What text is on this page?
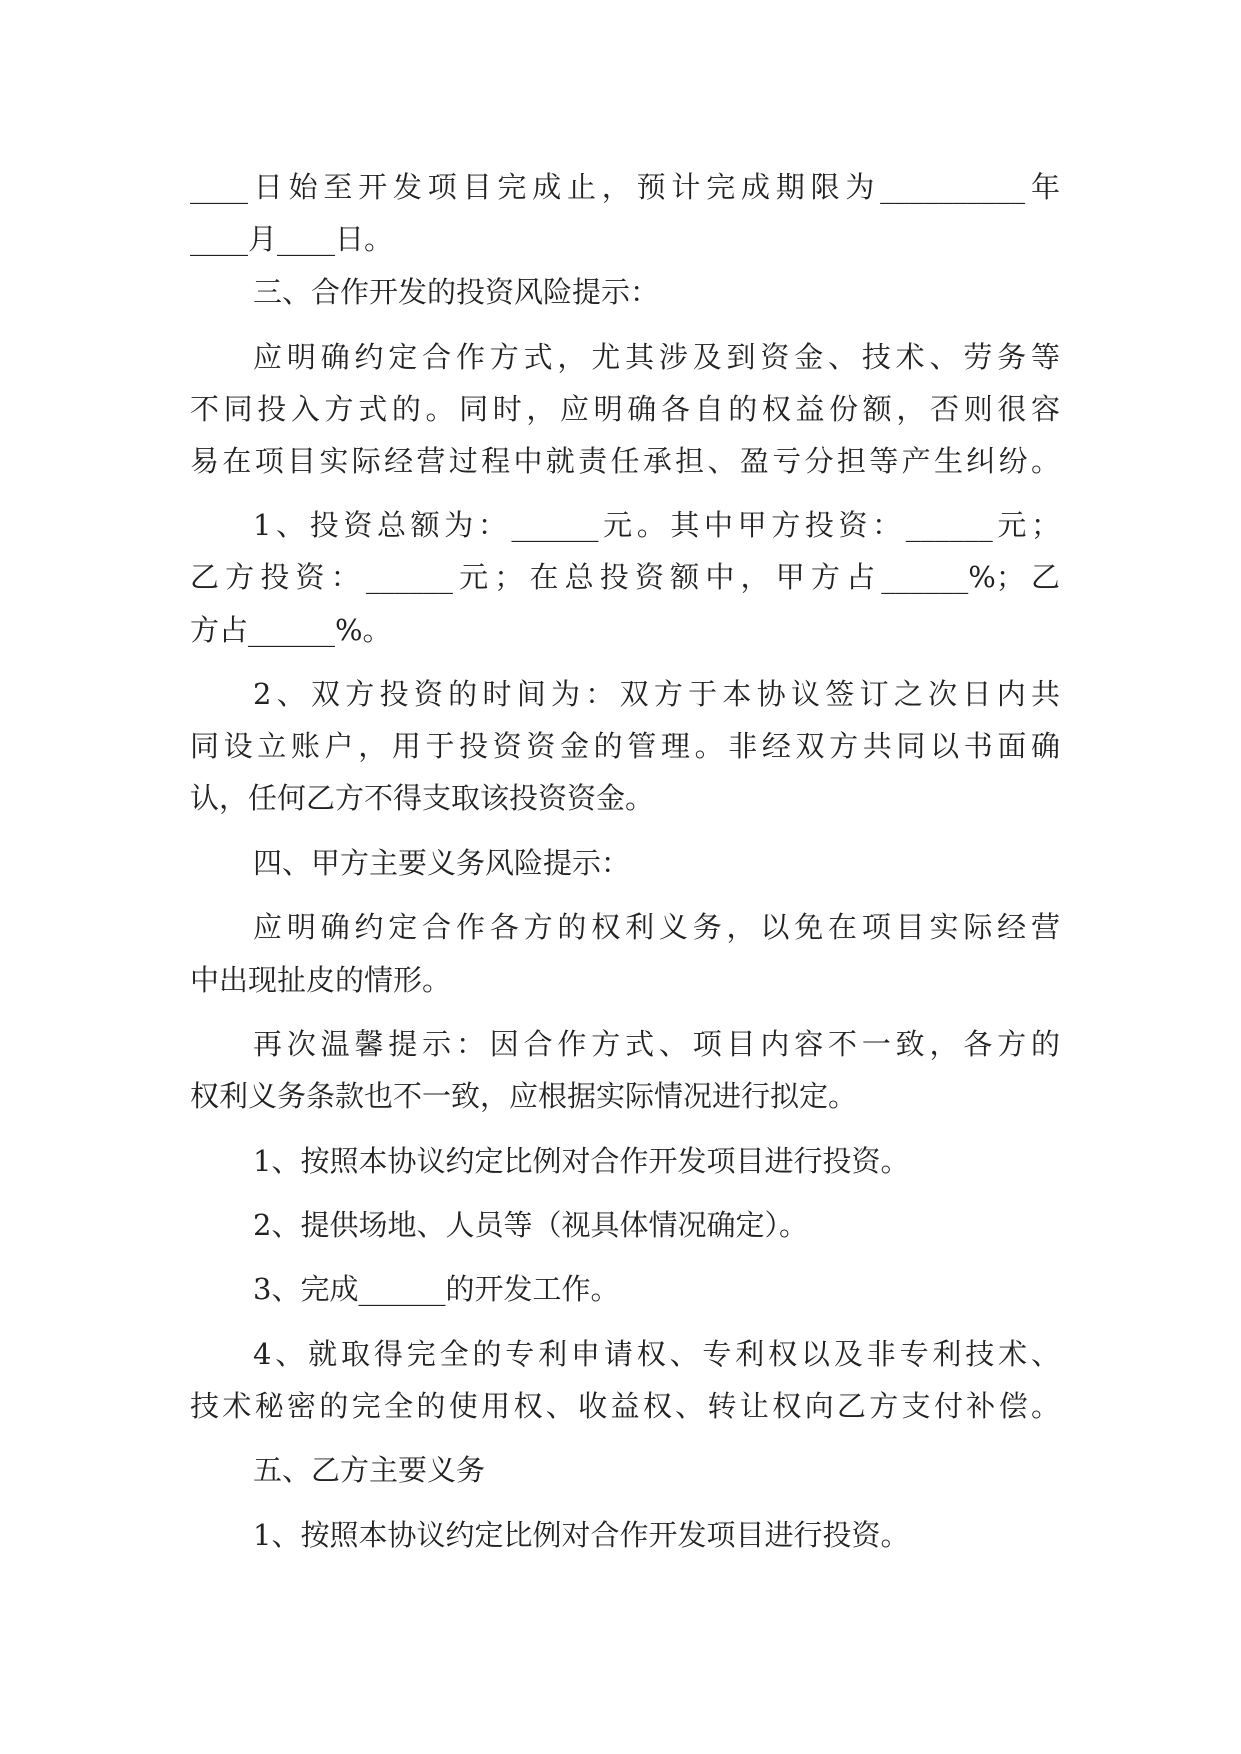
____日始至开发项目完成止，预计完成期限为__________年
____月____日。
三、合作开发的投资风险提示：
应明确约定合作方式，尤其涉及到资金、技术、劳务等
不同投入方式的。同时，应明确各自的权益份额，否则很容
易在项目实际经营过程中就责任承担、盈亏分担等产生纠纷。
1、投资总额为：______元。其中甲方投资：______元；
乙方投资：______元；在总投资额中，甲方占______%；乙
方占______%。
2、双方投资的时间为：双方于本协议签订之次日内共
同设立账户，用于投资资金的管理。非经双方共同以书面确
认，任何乙方不得支取该投资资金。
四、甲方主要义务风险提示：
应明确约定合作各方的权利义务，以免在项目实际经营
中出现扯皮的情形。
再次温馨提示：因合作方式、项目内容不一致，各方的
权利义务条款也不一致，应根据实际情况进行拟定。
1、按照本协议约定比例对合作开发项目进行投资。
2、提供场地、人员等（视具体情况确定）。
3、完成______的开发工作。
4、就取得完全的专利申请权、专利权以及非专利技术、
技术秘密的完全的使用权、收益权、转让权向乙方支付补偿。
五、乙方主要义务
1、按照本协议约定比例对合作开发项目进行投资。
